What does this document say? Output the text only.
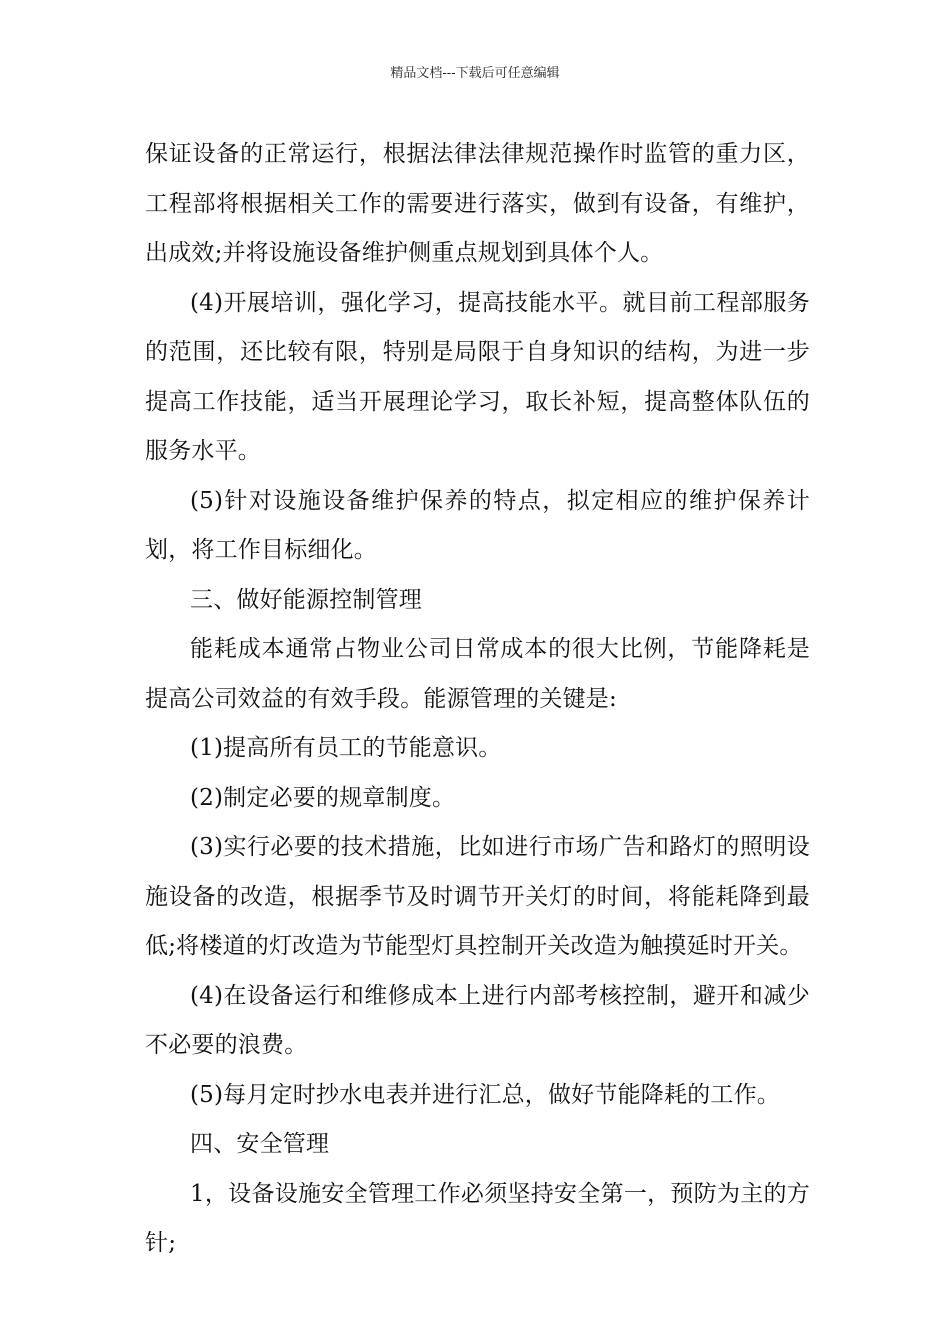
精品文档---下载后可任意编辑

保证设备的正常运行，根据法律法律规范操作时监管的重力区，工程部将根据相关工作的需要进行落实，做到有设备，有维护，出成效;并将设施设备维护侧重点规划到具体个人。

(4)开展培训，强化学习，提高技能水平。就目前工程部服务的范围，还比较有限，特别是局限于自身知识的结构，为进一步提高工作技能，适当开展理论学习，取长补短，提高整体队伍的服务水平。

(5)针对设施设备维护保养的特点，拟定相应的维护保养计划，将工作目标细化。

三、做好能源控制管理

能耗成本通常占物业公司日常成本的很大比例，节能降耗是提高公司效益的有效手段。能源管理的关键是:

(1)提高所有员工的节能意识。

(2)制定必要的规章制度。

(3)实行必要的技术措施，比如进行市场广告和路灯的照明设施设备的改造，根据季节及时调节开关灯的时间，将能耗降到最低;将楼道的灯改造为节能型灯具控制开关改造为触摸延时开关。

(4)在设备运行和维修成本上进行内部考核控制，避开和减少不必要的浪费。

(5)每月定时抄水电表并进行汇总，做好节能降耗的工作。

四、安全管理

1，设备设施安全管理工作必须坚持安全第一，预防为主的方针;
